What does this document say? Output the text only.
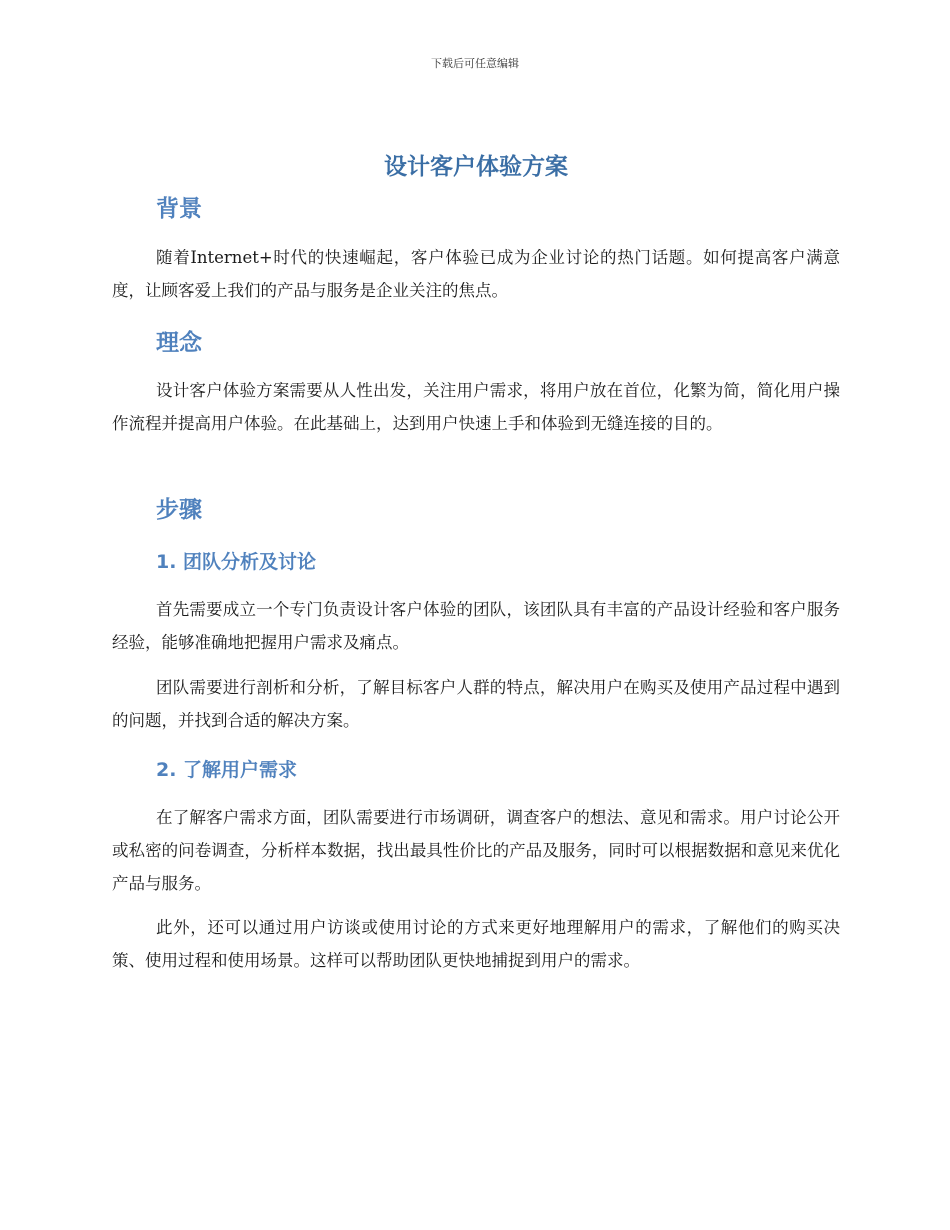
下载后可任意编辑
设计客户体验方案
背景

随着Internet+时代的快速崛起，客户体验已成为企业讨论的热门话题。如何提高客户满意度，让顾客爱上我们的产品与服务是企业关注的焦点。

理念

设计客户体验方案需要从人性出发，关注用户需求，将用户放在首位，化繁为简，简化用户操作流程并提高用户体验。在此基础上，达到用户快速上手和体验到无缝连接的目的。

步骤
1. 团队分析及讨论

首先需要成立一个专门负责设计客户体验的团队，该团队具有丰富的产品设计经验和客户服务经验，能够准确地把握用户需求及痛点。

团队需要进行剖析和分析，了解目标客户人群的特点，解决用户在购买及使用产品过程中遇到的问题，并找到合适的解决方案。

2. 了解用户需求

在了解客户需求方面，团队需要进行市场调研，调查客户的想法、意见和需求。用户讨论公开或私密的问卷调查，分析样本数据，找出最具性价比的产品及服务，同时可以根据数据和意见来优化产品与服务。

此外，还可以通过用户访谈或使用讨论的方式来更好地理解用户的需求，了解他们的购买决策、使用过程和使用场景。这样可以帮助团队更快地捕捉到用户的需求。
